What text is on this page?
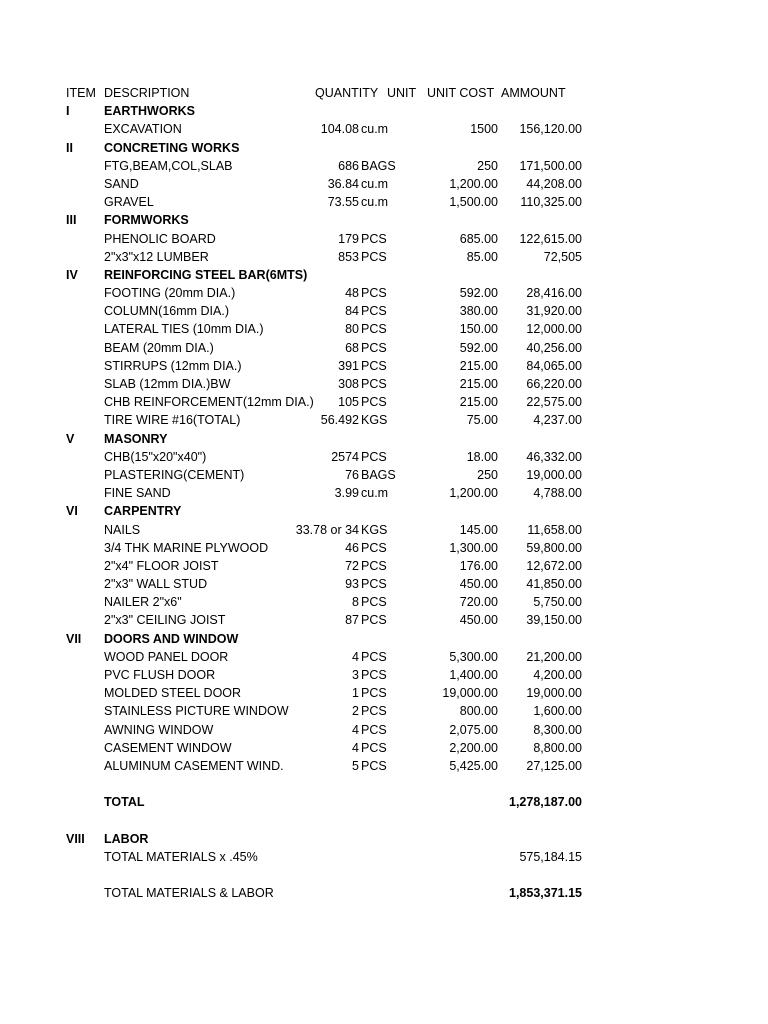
ITEM DESCRIPTION	QUANTITY UNIT UNIT COST AMMOUNT
I	EARTHWORKS
EXCAVATION	104.08 cu.m	1500 156,120.00
II CONCRETING WORKS
FTG,BEAM,COL,SLAB	686 BAGS	250 171,500.00
SAND	36.84 cu.m	1,200.00 44,208.00
GRAVEL	73.55 cu.m	1,500.00 110,325.00
III FORMWORKS
PHENOLIC BOARD	179 PCS	685.00 122,615.00
2"x3"x12 LUMBER	853 PCS	85.00	72,505
IV REINFORCING STEEL BAR(6MTS)
FOOTING (20mm DIA.)	48 PCS	592.00 28,416.00
COLUMN(16mm DIA.)	84 PCS	380.00 31,920.00
LATERAL TIES (10mm DIA.)	80 PCS	150.00 12,000.00
BEAM (20mm DIA.)	68 PCS	592.00 40,256.00
STIRRUPS (12mm DIA.)	391 PCS	215.00 84,065.00
SLAB (12mm DIA.)BW	308 PCS	215.00 66,220.00
CHB REINFORCEMENT(12mm DIA.) 105 PCS	215.00 22,575.00
TIRE WIRE #16(TOTAL)	56.492 KGS	75.00	4,237.00
V MASONRY
CHB(15"x20"x40")	2574 PCS	18.00 46,332.00
PLASTERING(CEMENT)	76 BAGS	250 19,000.00
FINE SAND	3.99 cu.m	1,200.00	4,788.00
VI CARPENTRY
NAILS	33.78 or 34 KGS	145.00 11,658.00
3/4 THK MARINE PLYWOOD	46 PCS	1,300.00 59,800.00
2"x4" FLOOR JOIST	72 PCS	176.00 12,672.00
2"x3" WALL STUD	93 PCS	450.00 41,850.00
NAILER 2"x6"	8 PCS	720.00	5,750.00
2"x3" CEILING JOIST	87 PCS	450.00 39,150.00
VII DOORS AND WINDOW
WOOD PANEL DOOR	4 PCS	5,300.00 21,200.00
PVC FLUSH DOOR	3 PCS	1,400.00	4,200.00
MOLDED STEEL DOOR	1 PCS	19,000.00 19,000.00
STAINLESS PICTURE WINDOW	2 PCS	800.00	1,600.00
AWNING WINDOW	4 PCS	2,075.00	8,300.00
CASEMENT WINDOW	4 PCS	2,200.00	8,800.00
ALUMINUM CASEMENT WIND.	5 PCS	5,425.00 27,125.00
TOTAL	1,278,187.00
VIII LABOR
TOTAL MATERIALS x .45%	575,184.15
TOTAL MATERIALS & LABOR	1,853,371.15
